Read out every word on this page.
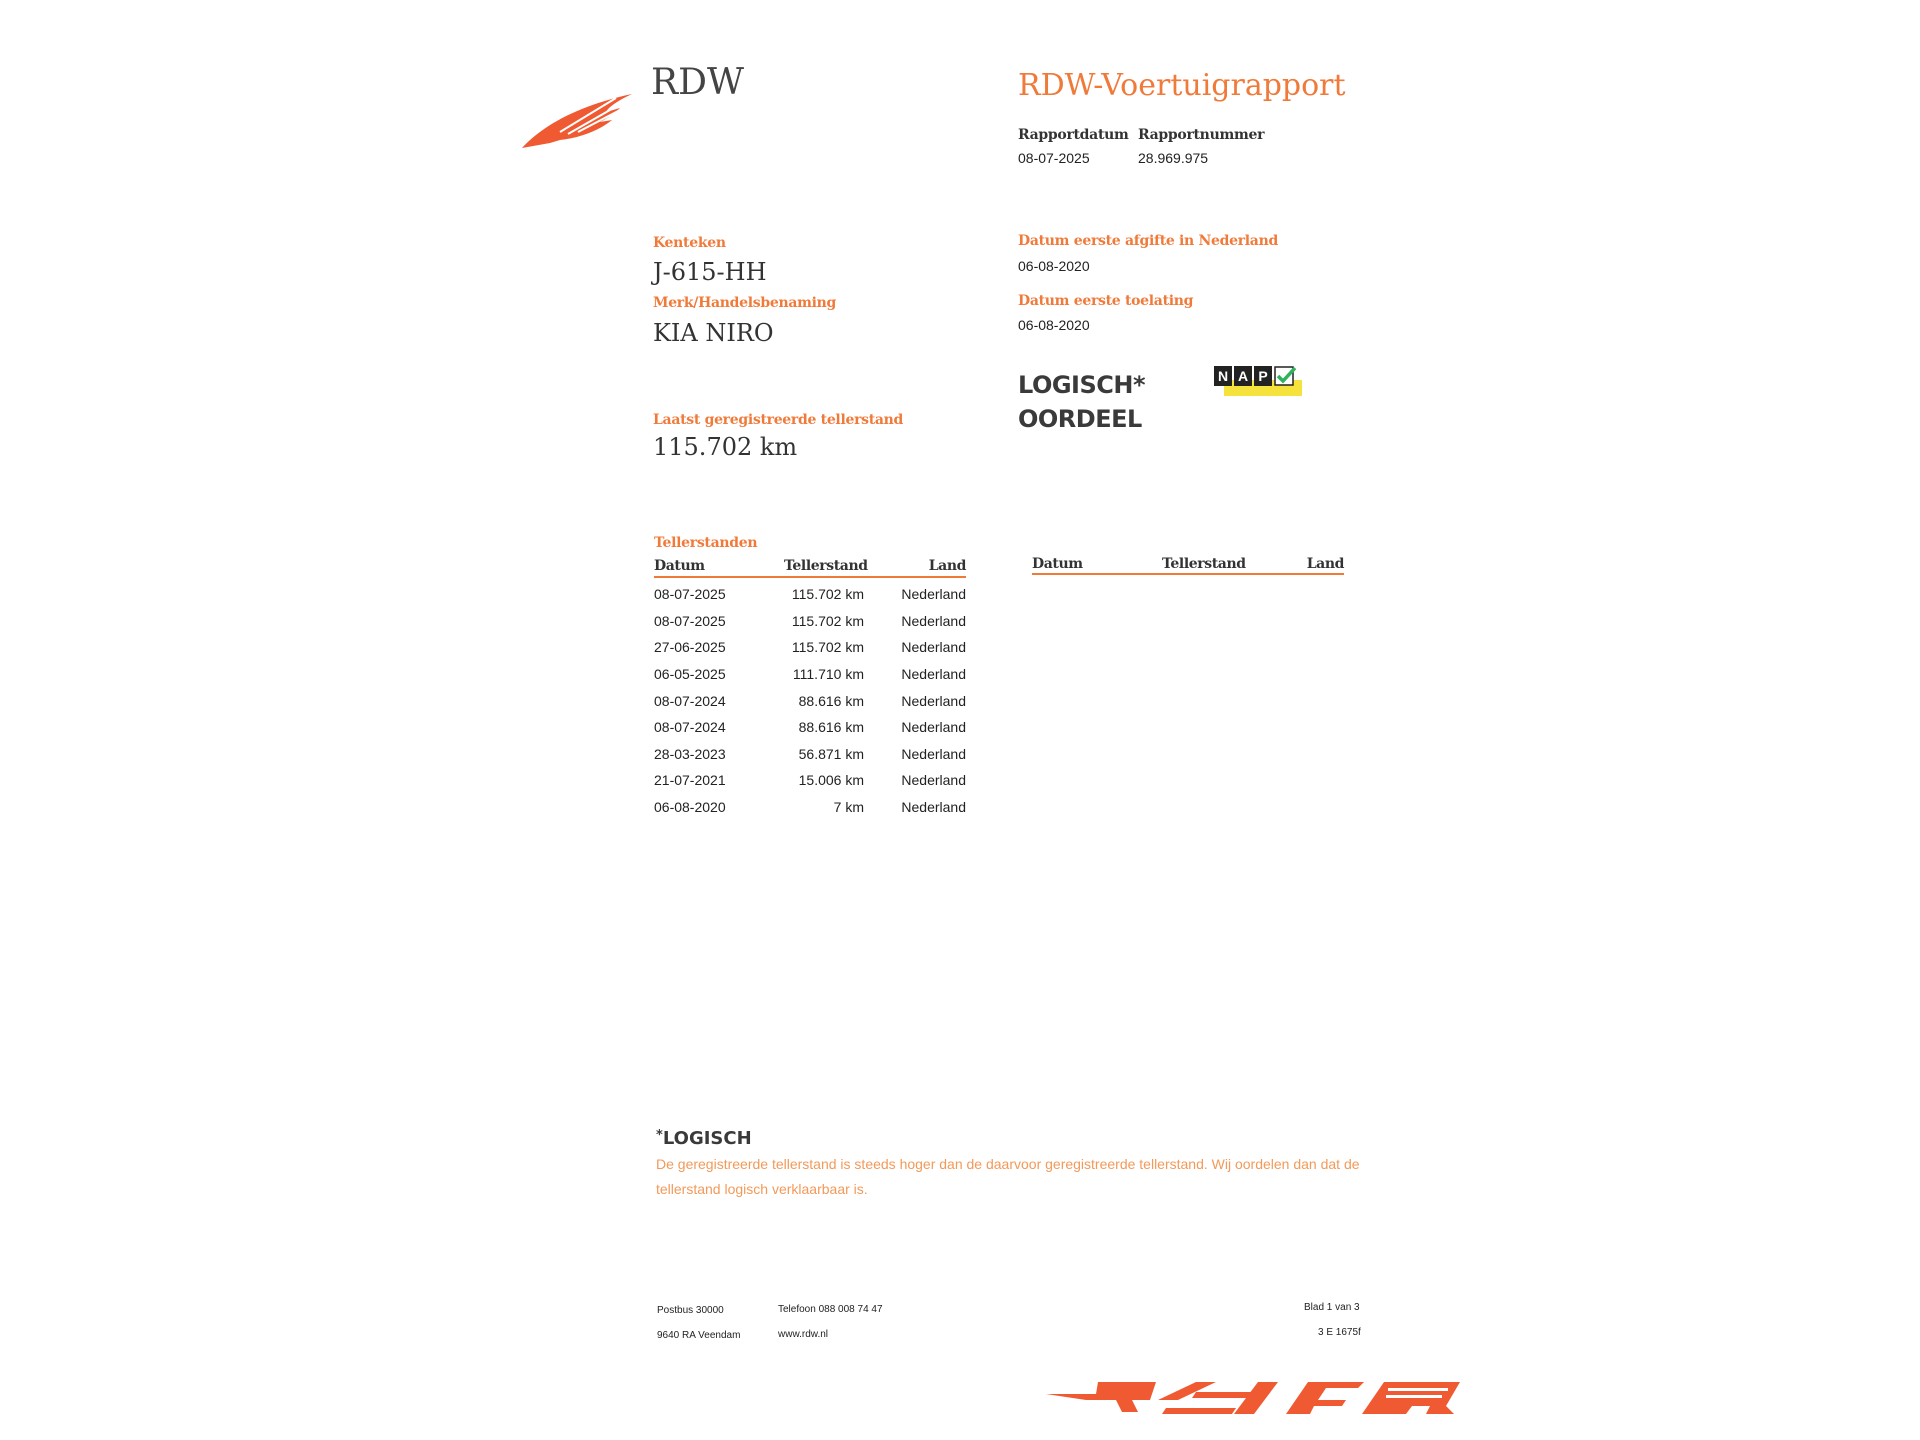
RDW	RDW-Voertuigrapport
Rapportdatum
08-07-2025
Rapportnummer
28.969.975
Kenteken
J-615-HH
Merk/Handelsbenaming
KIA NIRO
Laatst geregistreerde tellerstand
115.702 km
Datum eerste afgifte in Nederland
06-08-2020
Datum eerste toelating
06-08-2020
LOGISCH*
OORDEEL
N A P
Tellerstanden
Datum	Tellerstand	Land
08-07-2025	115.702 km	Nederland
08-07-2025	115.702 km	Nederland
27-06-2025	115.702 km	Nederland
06-05-2025	111.710 km	Nederland
08-07-2024	88.616 km	Nederland
08-07-2024	88.616 km	Nederland
28-03-2023	56.871 km	Nederland
21-07-2021	15.006 km	Nederland
06-08-2020	7 km	Nederland
Datum	Tellerstand	Land
*LOGISCH
De geregistreerde tellerstand is steeds hoger dan de daarvoor geregistreerde tellerstand. Wij oordelen dan dat de tellerstand logisch verklaarbaar is.
Postbus 30000
9640 RA Veendam
Telefoon 088 008 74 47
www.rdw.nl
Blad 1 van 3
3 E 1675f
